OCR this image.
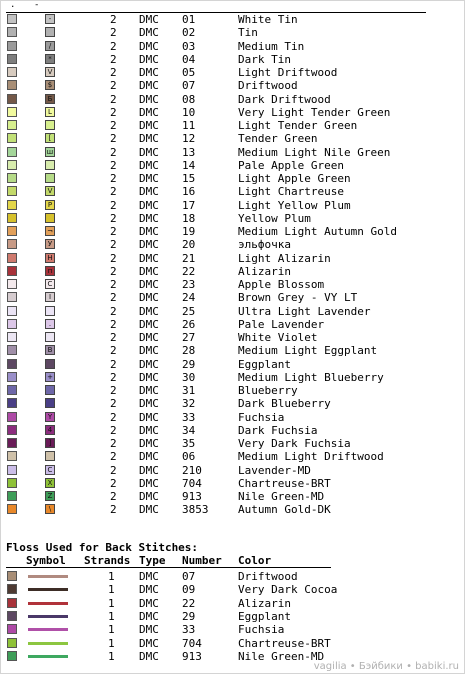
. -
-	2 DMC 01	White Tin
2 DMC 02	Tin
/	2 DMC 03	Medium Tin
*	2 DMC 04	Dark Tin
V	2 DMC 05	Light Driftwood
$	2 DMC 07	Driftwood
Б	2 DMC 08	Dark Driftwood
L	2 DMC 10	Very Light Tender Green
2 DMC 11	Light Tender Green
[	2 DMC 12	Tender Green
ш	2 DMC 13	Medium Light Nile Green
2 DMC 14	Pale Apple Green
2 DMC 15	Light Apple Green
V	2 DMC 16	Light Chartreuse
P	2 DMC 17	Light Yellow Plum
2 DMC 18	Yellow Plum
¬	2 DMC 19	Medium Light Autumn Gold
У	2 DMC 20	эльфочка
Н	2 DMC 21	Light Alizarin
п	2 DMC 22	Alizarin
C	2 DMC 23	Apple Blossom
I	2 DMC 24	Brown Grey - VY LT
2 DMC 25	Ultra Light Lavender
.	2 DMC 26	Pale Lavender
2 DMC 27	White Violet
В	2 DMC 28	Medium Light Eggplant
2 DMC 29	Eggplant
+	2 DMC 30	Medium Light Blueberry
2 DMC 31	Blueberry
2 DMC 32	Dark Blueberry
Y	2 DMC 33	Fuchsia
4	2 DMC 34	Dark Fuchsia
]	2 DMC 35	Very Dark Fuchsia
2 DMC 06	Medium Light Driftwood
C	2 DMC 210	Lavender-MD
X	2 DMC 704	Chartreuse-BRT
Z	2 DMC 913	Nile Green-MD
\	2 DMC 3853	Autumn Gold-DK
Floss Used for Back Stitches:
Symbol Strands Type Number Color
1 DMC 07	Driftwood
1 DMC 09	Very Dark Cocoa
1 DMC 22	Alizarin
1 DMC 29	Eggplant
1 DMC 33	Fuchsia
1 DMC 704	Chartreuse-BRT
1 DMC 913	Nile Green-MD
vagilia • Бэйбики • babiki.ru
